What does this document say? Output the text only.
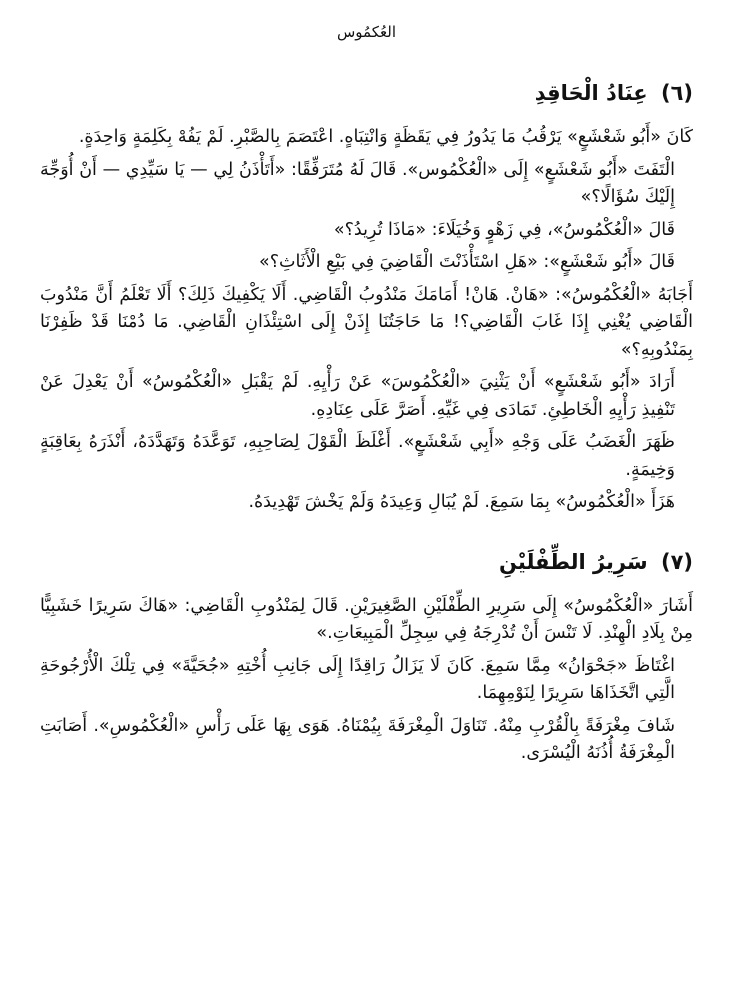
العُكمُوس
(٦) عِنَادُ الْحَاقِدِ

كَانَ «أَبُو شَعْشَعٍ» يَرْقُبُ مَا يَدُورُ فِي يَقَظَةٍ وَانْتِبَاهٍ. اعْتَصَمَ بِالصَّبْرِ. لَمْ يَفُهْ بِكَلِمَةٍ وَاحِدَةٍ.

الْتَفَتَ «أَبُو شَعْشَعٍ» إِلَى «الْعُكْمُوس». قَالَ لَهُ مُتَرَفِّقًا: «أَتَأْذَنُ لِي — يَا سَيِّدِي — أَنْ أُوَجِّهَ إِلَيْكَ سُؤَالًا؟»

قَالَ «الْعُكْمُوسُ»، فِي زَهْوٍ وَخُيَلَاءَ: «مَاذَا تُرِيدُ؟»

قَالَ «أَبُو شَعْشَعٍ»: «هَلِ اسْتَأْذَنْتَ الْقَاضِيَ فِي بَيْعِ الْأَثَاثِ؟»

أَجَابَهُ «الْعُكْمُوسُ»: «هَانْ. هَانْ! أَمَامَكَ مَنْدُوبُ الْقَاضِي. أَلَا يَكْفِيكَ ذَلِكَ؟ أَلَا تَعْلَمُ أَنَّ مَنْدُوبَ الْقَاضِي يُغْنِي إِذَا غَابَ الْقَاضِي؟! مَا حَاجَتُنَا إِذَنْ إِلَى اسْتِئْذَانِ الْقَاضِي. مَا دُمْنَا قَدْ ظَفِرْنَا بِمَنْدُوبِهِ؟»

أَرَادَ «أَبُو شَعْشَعٍ» أَنْ يَثْنِيَ «الْعُكْمُوسَ» عَنْ رَأْيِهِ. لَمْ يَقْبَلِ «الْعُكْمُوسُ» أَنْ يَعْدِلَ عَنْ تَنْفِيذِ رَأْيِهِ الْخَاطِئِ. تَمَادَى فِي غَيِّهِ. أَصَرَّ عَلَى عِنَادِهِ.

ظَهَرَ الْغَضَبُ عَلَى وَجْهِ «أَبِي شَعْشَعٍ». أَغْلَظَ الْقَوْلَ لِصَاحِبِهِ، تَوَعَّدَهُ وَتَهَدَّدَهُ، أَنْذَرَهُ بِعَاقِبَةٍ وَخِيمَةٍ.

هَزَأَ «الْعُكْمُوسُ» بِمَا سَمِعَ. لَمْ يُبَالِ وَعِيدَهُ وَلَمْ يَخْشَ تَهْدِيدَهُ.

(٧) سَرِيرُ الطِّفْلَيْنِ

أَشَارَ «الْعُكْمُوسُ» إِلَى سَرِيرِ الطِّفْلَيْنِ الصَّغِيرَيْنِ. قَالَ لِمَنْدُوبِ الْقَاضِي: «هَاكَ سَرِيرًا خَشَبِيًّا مِنْ بِلَادِ الْهِنْدِ. لَا تَنْسَ أَنْ تُدْرِجَهُ فِي سِجِلِّ الْمَبِيعَاتِ.»

اغْتَاظَ «جَحْوَانُ» مِمَّا سَمِعَ. كَانَ لَا يَزَالُ رَاقِدًا إِلَى جَانِبِ أُخْتِهِ «جُحَيَّةَ» فِي تِلْكَ الْأُرْجُوحَةِ الَّتِي اتَّخَذَاهَا سَرِيرًا لِنَوْمِهِمَا.

شَافَ مِغْرَفَةً بِالْقُرْبِ مِنْهُ. تَنَاوَلَ الْمِغْرَفَةَ بِيُمْنَاهُ. هَوَى بِهَا عَلَى رَأْسِ «الْعُكْمُوسِ». أَصَابَتِ الْمِغْرَفَةُ أُذُنَهُ الْيُسْرَى.
